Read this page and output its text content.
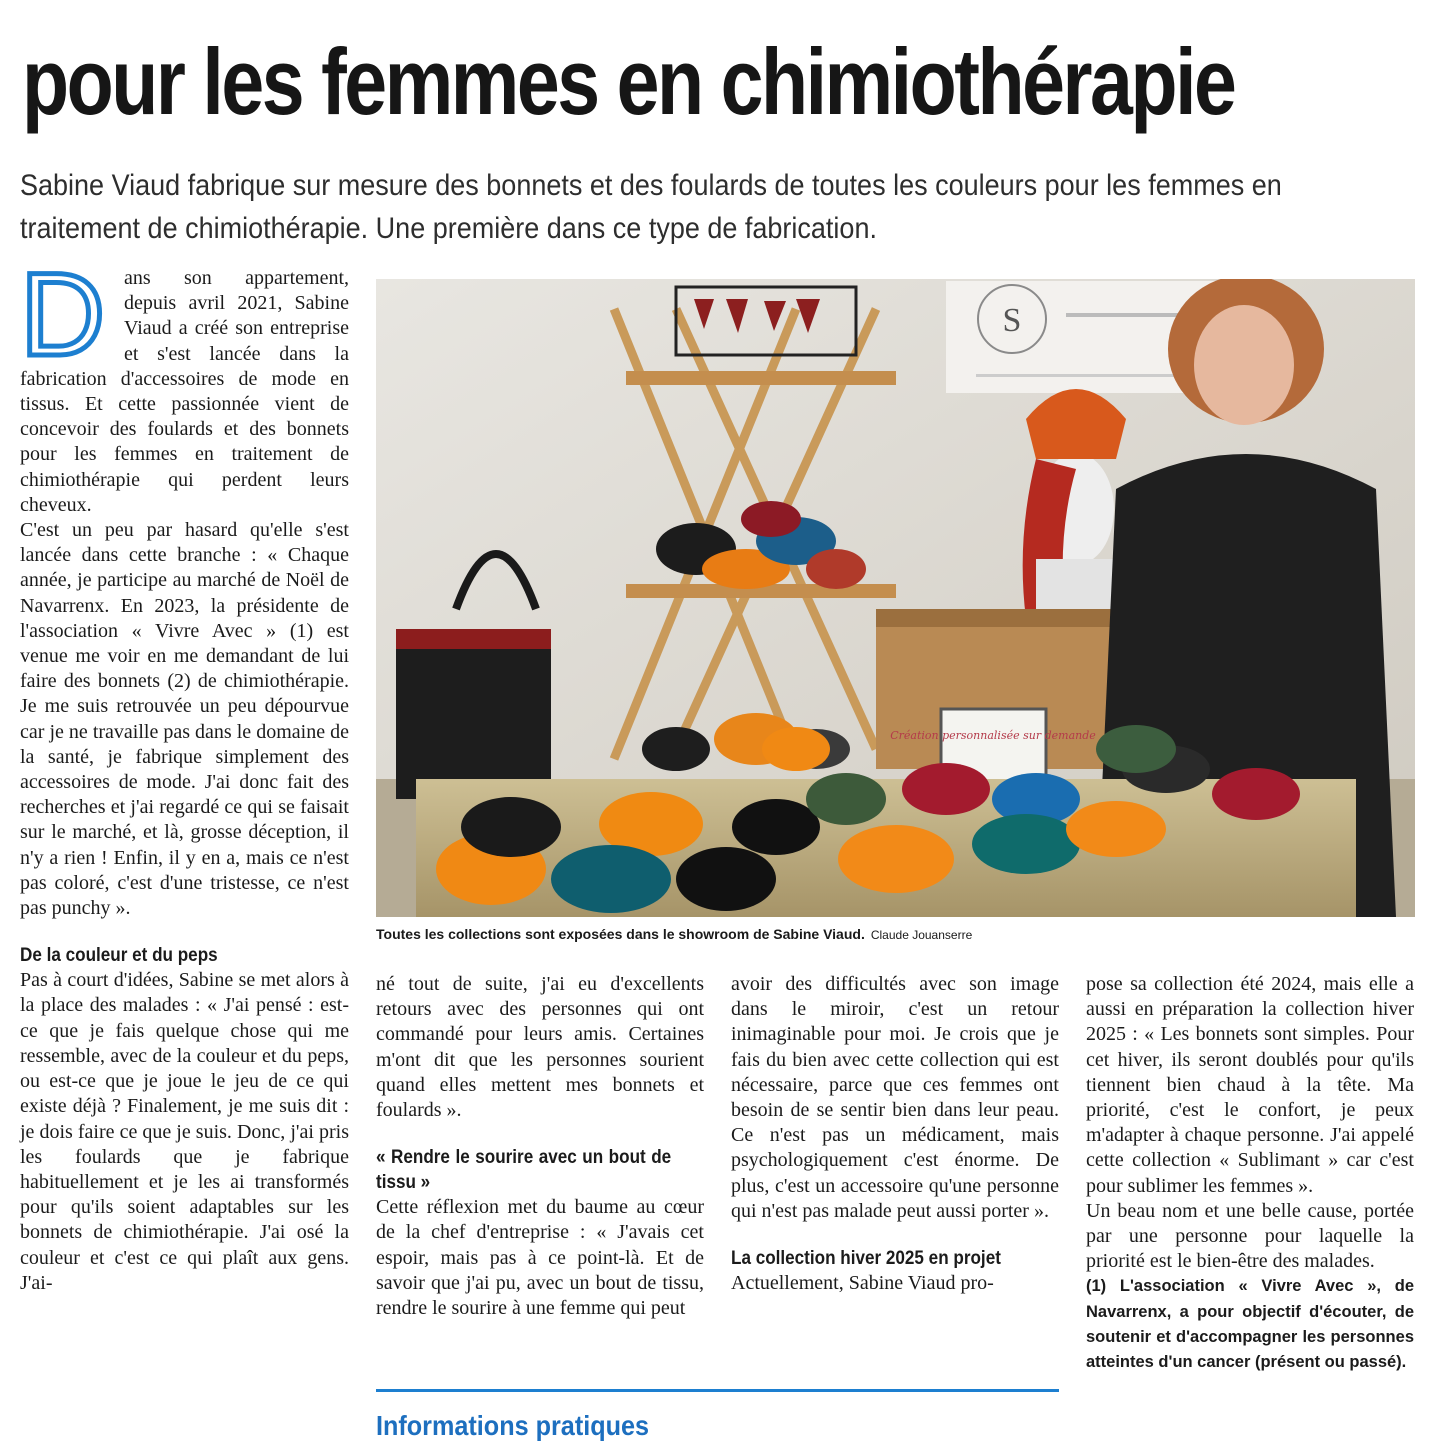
pour les femmes en chimiothérapie
Sabine Viaud fabrique sur mesure des bonnets et des foulards de toutes les couleurs pour les femmes en traitement de chimiothérapie. Une première dans ce type de fabrication.
D ans son appartement, depuis avril 2021, Sabine Viaud a créé son entreprise et s'est lancée dans la fabrication d'accessoires de mode en tissus. Et cette passionnée vient de concevoir des foulards et des bonnets pour les femmes en traitement de chimiothérapie qui perdent leurs cheveux.

C'est un peu par hasard qu'elle s'est lancée dans cette branche : « Chaque année, je participe au marché de Noël de Navarrenx. En 2023, la présidente de l'association « Vivre Avec » (1) est venue me voir en me demandant de lui faire des bonnets (2) de chimiothérapie. Je me suis retrouvée un peu dépourvue car je ne travaille pas dans le domaine de la santé, je fabrique simplement des accessoires de mode. J'ai donc fait des recherches et j'ai regardé ce qui se faisait sur le marché, et là, grosse déception, il n'y a rien ! Enfin, il y en a, mais ce n'est pas coloré, c'est d'une tristesse, ce n'est pas punchy ».

De la couleur et du peps

Pas à court d'idées, Sabine se met alors à la place des malades : « J'ai pensé : est-ce que je fais quelque chose qui me ressemble, avec de la couleur et du peps, ou est-ce que je joue le jeu de ce qui existe déjà ? Finalement, je me suis dit : je dois faire ce que je suis. Donc, j'ai pris les foulards que je fabrique habituellement et je les ai transformés pour qu'ils soient adaptables sur les bonnets de chimiothérapie. J'ai osé la couleur et c'est ce qui plaît aux gens. J'ai-

S
Création personnalisée sur demande
Toutes les collections sont exposées dans le showroom de Sabine Viaud. Claude Jouanserre

né tout de suite, j'ai eu d'excellents retours avec des personnes qui ont commandé pour leurs amis. Certaines m'ont dit que les personnes sourient quand elles mettent mes bonnets et foulards ».

« Rendre le sourire avec un bout de tissu »

Cette réflexion met du baume au cœur de la chef d'entreprise : « J'avais cet espoir, mais pas à ce point-là. Et de savoir que j'ai pu, avec un bout de tissu, rendre le sourire à une femme qui peut

avoir des difficultés avec son image dans le miroir, c'est un retour inimaginable pour moi. Je crois que je fais du bien avec cette collection qui est nécessaire, parce que ces femmes ont besoin de se sentir bien dans leur peau. Ce n'est pas un médicament, mais psychologiquement c'est énorme. De plus, c'est un accessoire qu'une personne qui n'est pas malade peut aussi porter ».

La collection hiver 2025 en projet

Actuellement, Sabine Viaud pro-

pose sa collection été 2024, mais elle a aussi en préparation la collection hiver 2025 : « Les bonnets sont simples. Pour cet hiver, ils seront doublés pour qu'ils tiennent bien chaud à la tête. Ma priorité, c'est le confort, je peux m'adapter à chaque personne. J'ai appelé cette collection « Sublimant » car c'est pour sublimer les femmes ».

Un beau nom et une belle cause, portée par une personne pour laquelle la priorité est le bien-être des malades.

(1) L'association « Vivre Avec », de Navarrenx, a pour objectif d'écouter, de soutenir et d'accompagner les personnes atteintes d'un cancer (présent ou passé).

Informations pratiques
